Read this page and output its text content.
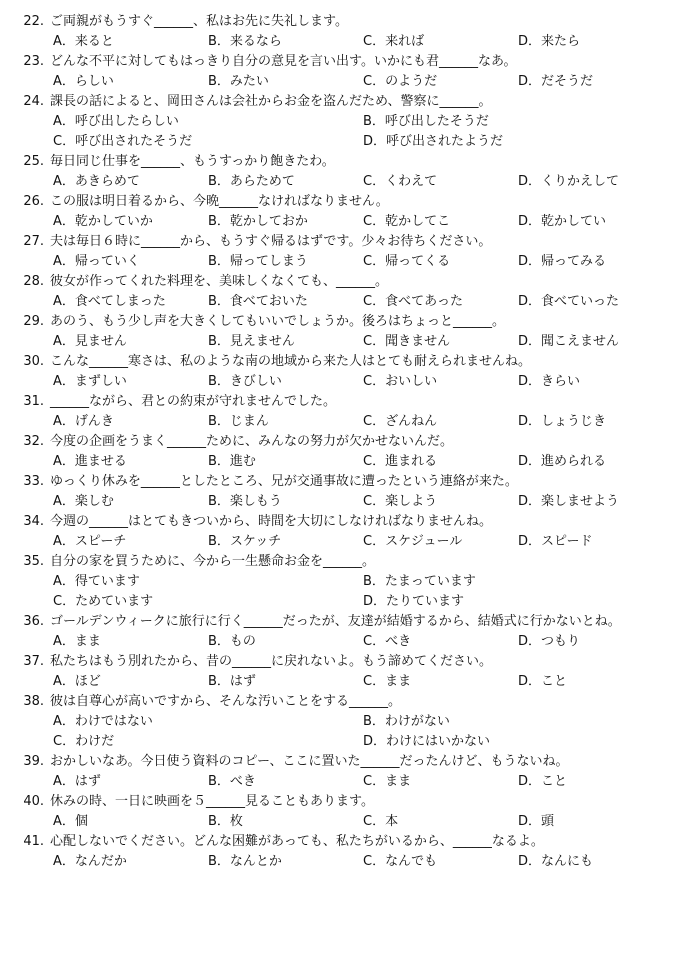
22. ご両親がもうすぐ______、私はお先に失礼します。
A．来ると	B．来るなら	C．来れば	D．来たら
23. どんな不平に対してもはっきり自分の意見を言い出す。いかにも君______なあ。
A．らしい	B．みたい	C．のようだ	D．だそうだ
24. 課長の話によると、岡田さんは会社からお金を盗んだため、警察に______。
A．呼び出したらしい	B．呼び出したそうだ
C．呼び出されたそうだ	D．呼び出されたようだ
25. 毎日同じ仕事を______、もうすっかり飽きたわ。
A．あきらめて	B．あらためて	C．くわえて	D．くりかえして
26. この服は明日着るから、今晩______なければなりません。
A．乾かしていか	B．乾かしておか	C．乾かしてこ	D．乾かしてい
27. 夫は毎日６時に______から、もうすぐ帰るはずです。少々お待ちください。
A．帰っていく	B．帰ってしまう	C．帰ってくる	D．帰ってみる
28. 彼女が作ってくれた料理を、美味しくなくても、______。
A．食べてしまった	B．食べておいた	C．食べてあった	D．食べていった
29. あのう、もう少し声を大きくしてもいいでしょうか。後ろはちょっと______。
A．見ません	B．見えません	C．聞きません	D．聞こえません
30. こんな______寒さは、私のような南の地域から来た人はとても耐えられませんね。
A．まずしい	B．きびしい	C．おいしい	D．きらい
31. ______ながら、君との約束が守れませんでした。
A．げんき	B．じまん	C．ざんねん	D．しょうじき
32. 今度の企画をうまく______ために、みんなの努力が欠かせないんだ。
A．進ませる	B．進む	C．進まれる	D．進められる
33. ゆっくり休みを______としたところ、兄が交通事故に遭ったという連絡が来た。
A．楽しむ	B．楽しもう	C．楽しよう	D．楽しませよう
34. 今週の______はとてもきついから、時間を大切にしなければなりませんね。
A．スピーチ	B．スケッチ	C．スケジュール	D．スピード
35. 自分の家を買うために、今から一生懸命お金を______。
A．得ています	B．たまっています
C．ためています	D．たりています
36. ゴールデンウィークに旅行に行く______だったが、友達が結婚するから、結婚式に行かないとね。
A．まま	B．もの	C．べき	D．つもり
37. 私たちはもう別れたから、昔の______に戻れないよ。もう諦めてください。
A．ほど	B．はず	C．まま	D．こと
38. 彼は自尊心が高いですから、そんな汚いことをする______。
A．わけではない	B．わけがない
C．わけだ	D．わけにはいかない
39. おかしいなあ。今日使う資料のコピー、ここに置いた______だったんけど、もうないね。
A．はず	B．べき	C．まま	D．こと
40. 休みの時、一日に映画を５______見ることもあります。
A．個	B．枚	C．本	D．頭
41. 心配しないでください。どんな困難があっても、私たちがいるから、______なるよ。
A．なんだか	B．なんとか	C．なんでも	D．なんにも
